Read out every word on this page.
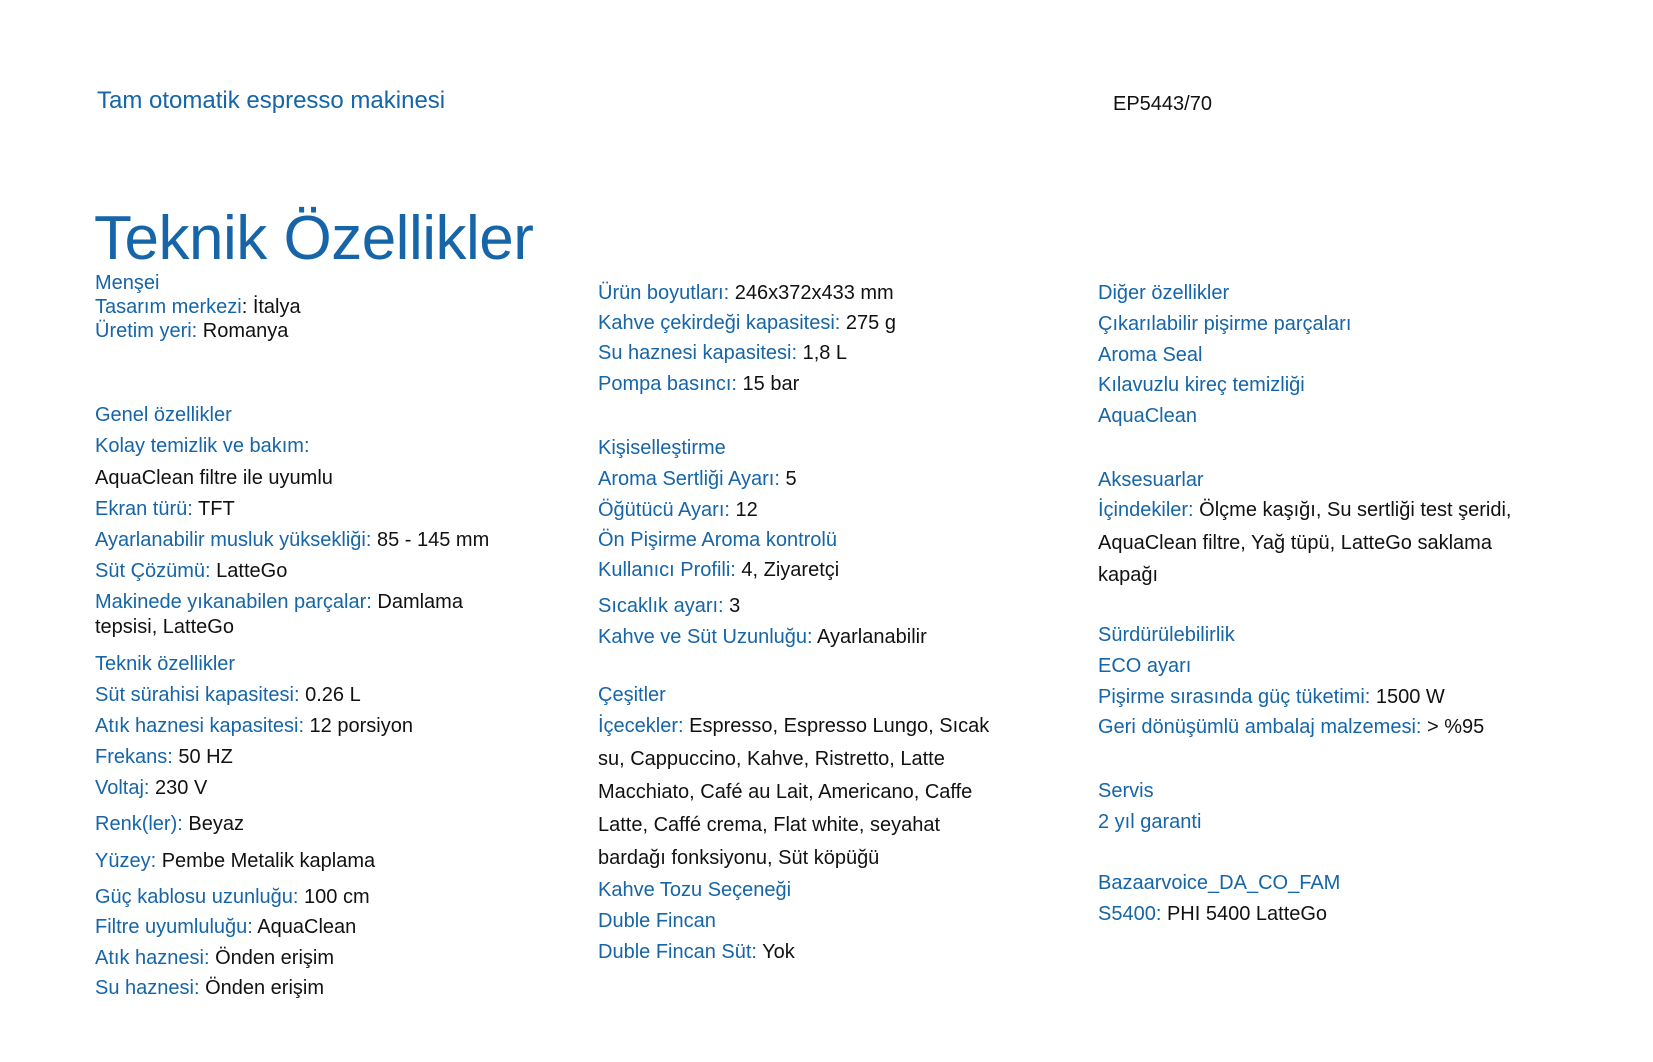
Tam otomatik espresso makinesi	EP5443/70
Teknik Özellikler
Menşei
Tasarım merkezi: İtalya
Üretim yeri: Romanya
Genel özellikler
Kolay temizlik ve bakım:
AquaClean filtre ile uyumlu
Ekran türü: TFT
Ayarlanabilir musluk yüksekliği: 85 - 145 mm
Süt Çözümü: LatteGo
Makinede yıkanabilen parçalar: Damlama
tepsisi, LatteGo
Teknik özellikler
Süt sürahisi kapasitesi: 0.26 L
Atık haznesi kapasitesi: 12 porsiyon
Frekans: 50 HZ
Voltaj: 230 V
Renk(ler): Beyaz
Yüzey: Pembe Metalik kaplama
Güç kablosu uzunluğu: 100 cm
Filtre uyumluluğu: AquaClean
Atık haznesi: Önden erişim
Su haznesi: Önden erişim
Ürün boyutları: 246x372x433 mm
Kahve çekirdeği kapasitesi: 275 g
Su haznesi kapasitesi: 1,8 L
Pompa basıncı: 15 bar
Kişiselleştirme
Aroma Sertliği Ayarı: 5
Öğütücü Ayarı: 12
Ön Pişirme Aroma kontrolü
Kullanıcı Profili: 4, Ziyaretçi
Sıcaklık ayarı: 3
Kahve ve Süt Uzunluğu: Ayarlanabilir
Çeşitler
İçecekler: Espresso, Espresso Lungo, Sıcak
su, Cappuccino, Kahve, Ristretto, Latte
Macchiato, Café au Lait, Americano, Caffe
Latte, Caffé crema, Flat white, seyahat
bardağı fonksiyonu, Süt köpüğü
Kahve Tozu Seçeneği
Duble Fincan
Duble Fincan Süt: Yok
Diğer özellikler
Çıkarılabilir pişirme parçaları
Aroma Seal
Kılavuzlu kireç temizliği
AquaClean
Aksesuarlar
İçindekiler: Ölçme kaşığı, Su sertliği test şeridi,
AquaClean filtre, Yağ tüpü, LatteGo saklama
kapağı
Sürdürülebilirlik
ECO ayarı
Pişirme sırasında güç tüketimi: 1500 W
Geri dönüşümlü ambalaj malzemesi: > %95
Servis
2 yıl garanti
Bazaarvoice_DA_CO_FAM
S5400: PHI 5400 LatteGo
